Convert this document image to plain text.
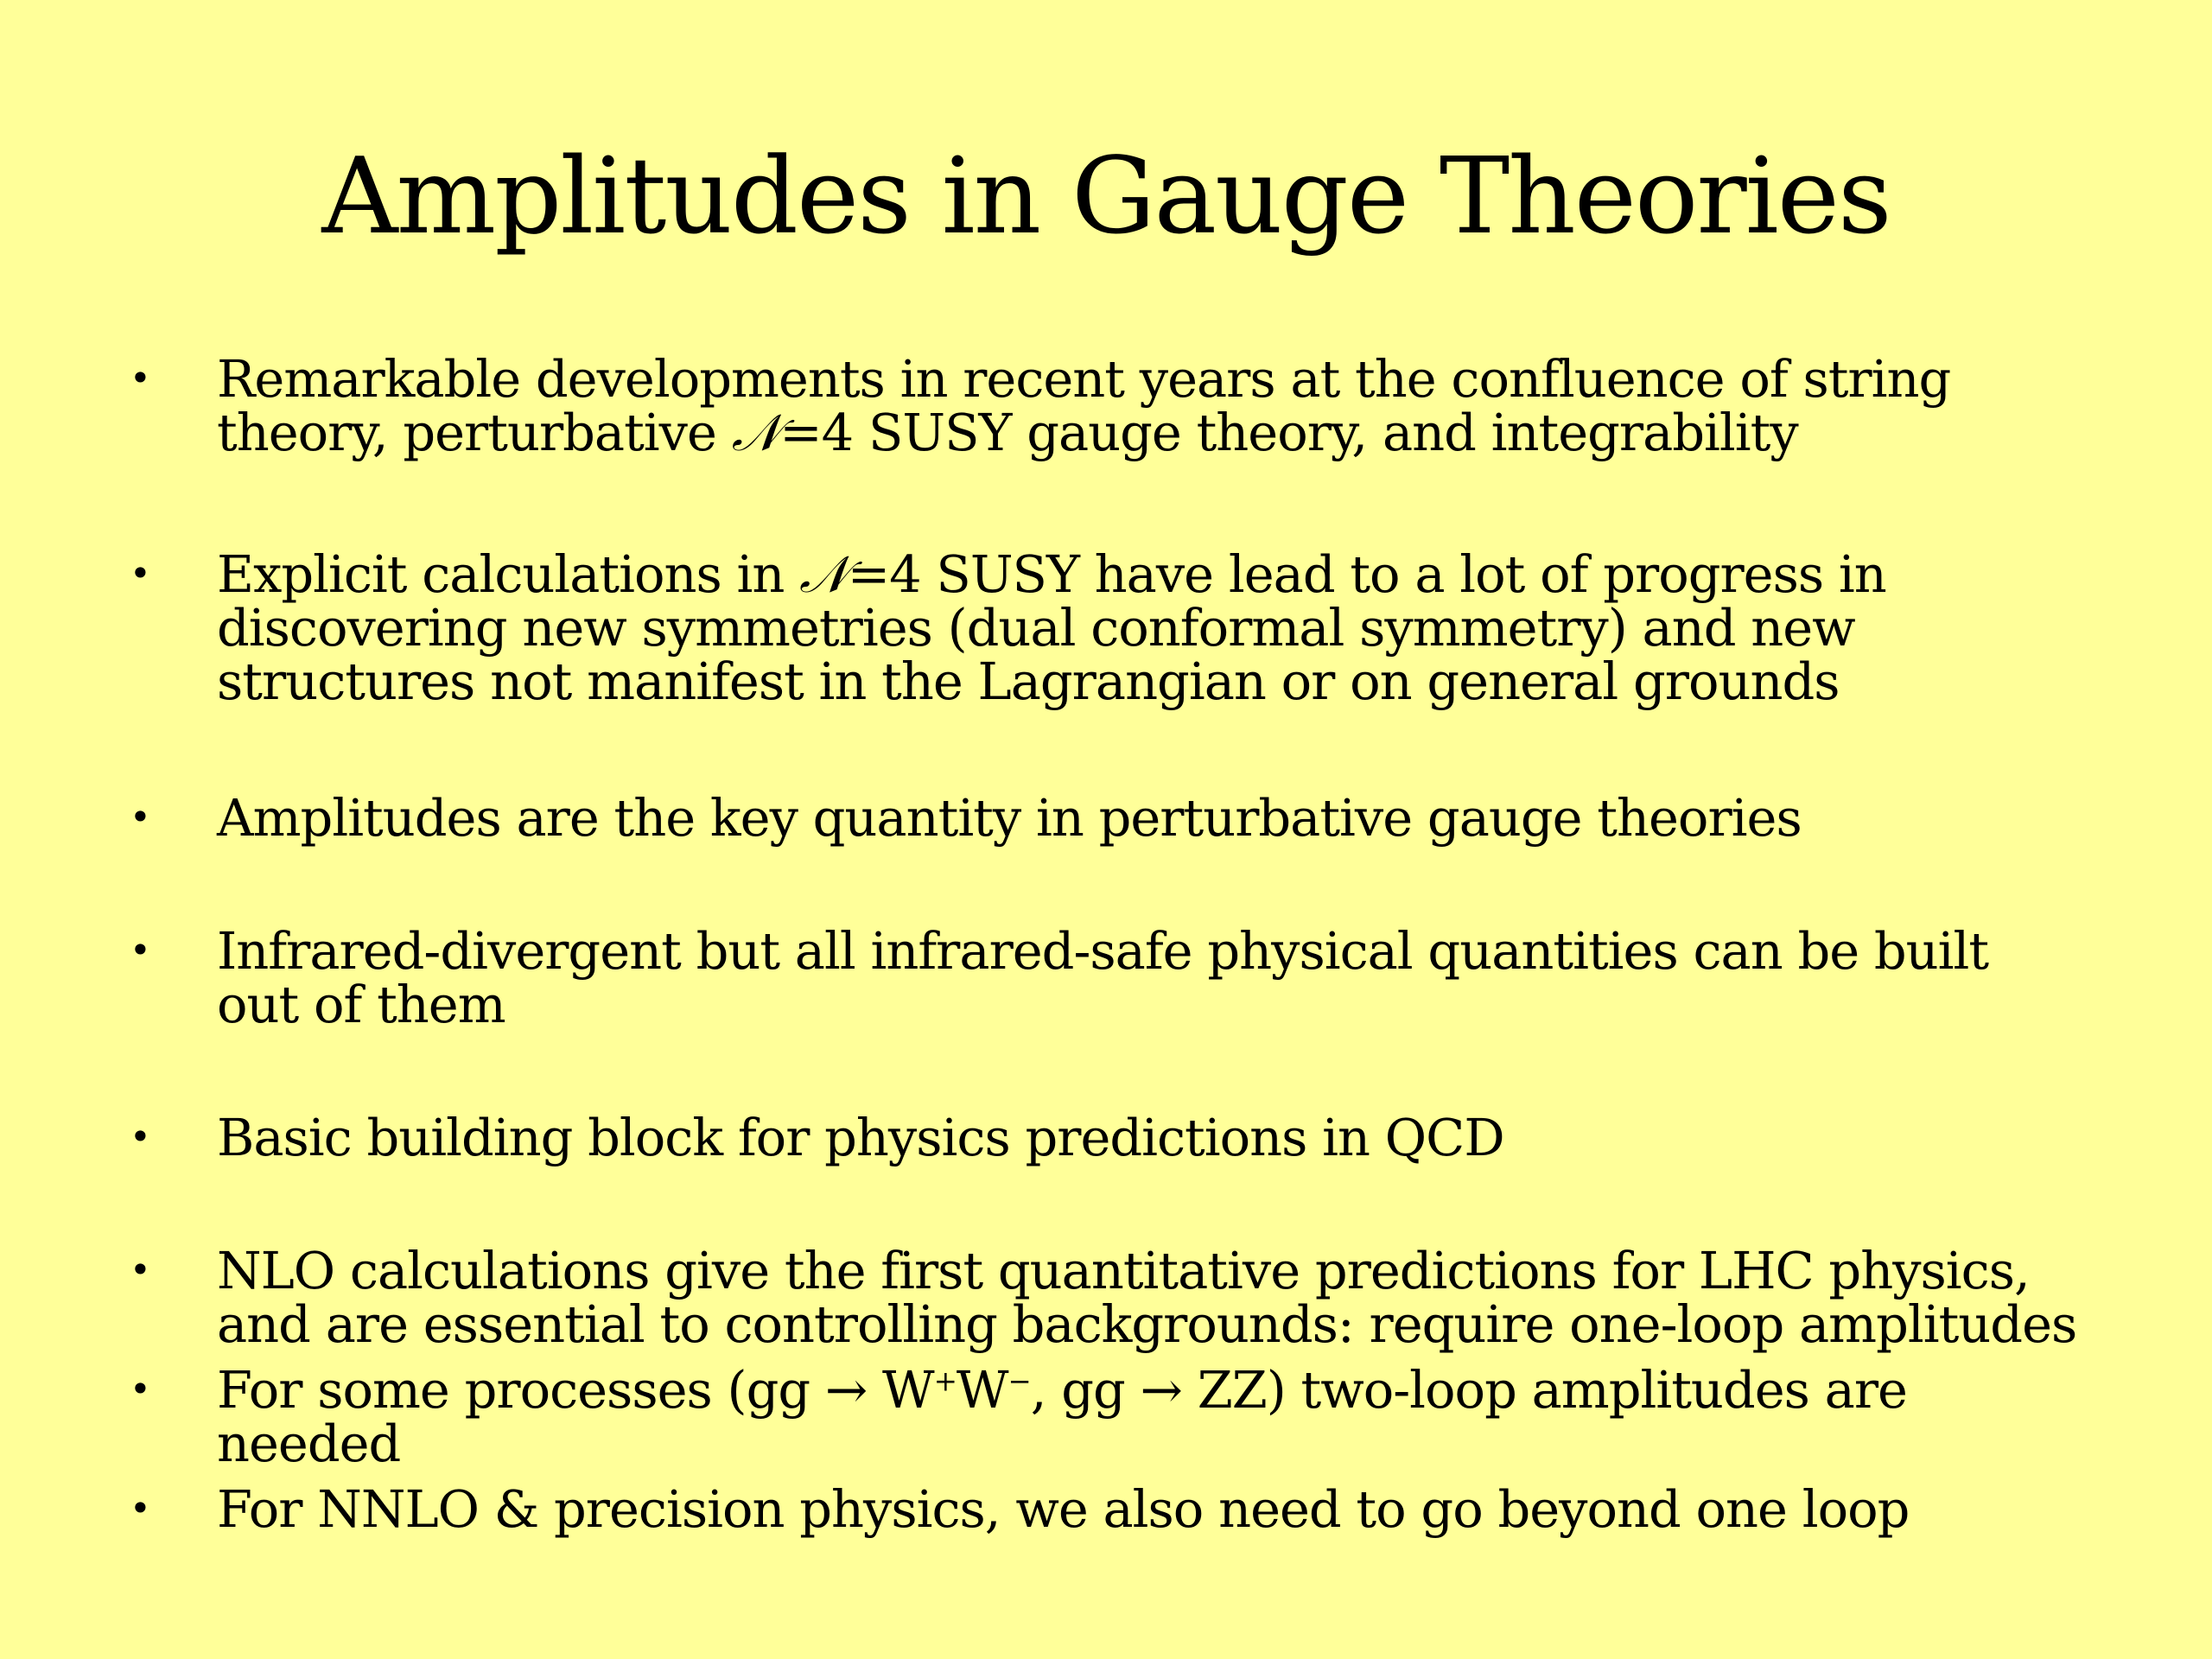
Amplitudes in Gauge Theories
• Remarkable developments in recent years at the confluence of string theory, perturbative 𝒩=4 SUSY gauge theory, and integrability
• Explicit calculations in 𝒩=4 SUSY have lead to a lot of progress in discovering new symmetries (dual conformal symmetry) and new structures not manifest in the Lagrangian or on general grounds
• Amplitudes are the key quantity in perturbative gauge theories
• Infrared-divergent but all infrared-safe physical quantities can be built out of them
• Basic building block for physics predictions in QCD
• NLO calculations give the first quantitative predictions for LHC physics, and are essential to controlling backgrounds: require one-loop amplitudes
• For some processes (gg → W+W−, gg → ZZ) two-loop amplitudes are needed
• For NNLO & precision physics, we also need to go beyond one loop
